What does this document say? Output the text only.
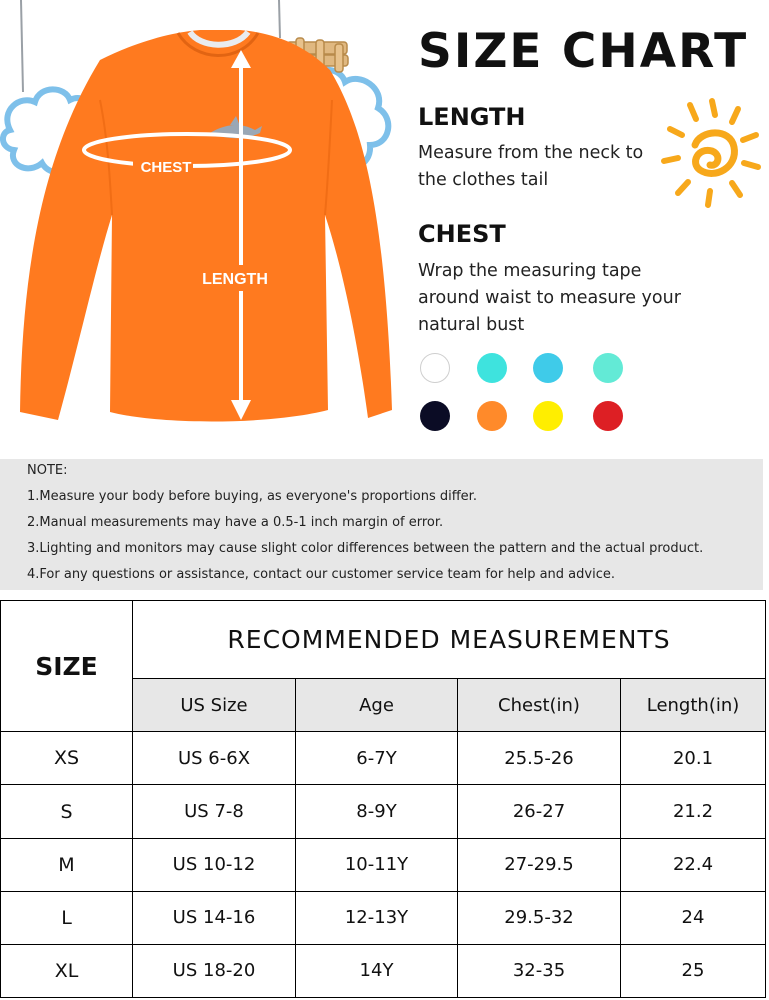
CHEST
LENGTH
SIZE CHART
LENGTH

Measure from the neck to
the clothes tail

CHEST

Wrap the measuring tape
around waist to measure your
natural bust

NOTE:

1.Measure your body before buying, as everyone's proportions differ.

2.Manual measurements may have a 0.5-1 inch margin of error.

3.Lighting and monitors may cause slight color differences between the pattern and the actual product.

4.For any questions or assistance, contact our customer service team for help and advice.

SIZE	RECOMMENDED MEASUREMENTS			
	US Size	Age	Chest(in)	Length(in)
XS	US 6-6X	6-7Y	25.5-26	20.1
S	US 7-8	8-9Y	26-27	21.2
M	US 10-12	10-11Y	27-29.5	22.4
L	US 14-16	12-13Y	29.5-32	24
XL	US 18-20	14Y	32-35	25
